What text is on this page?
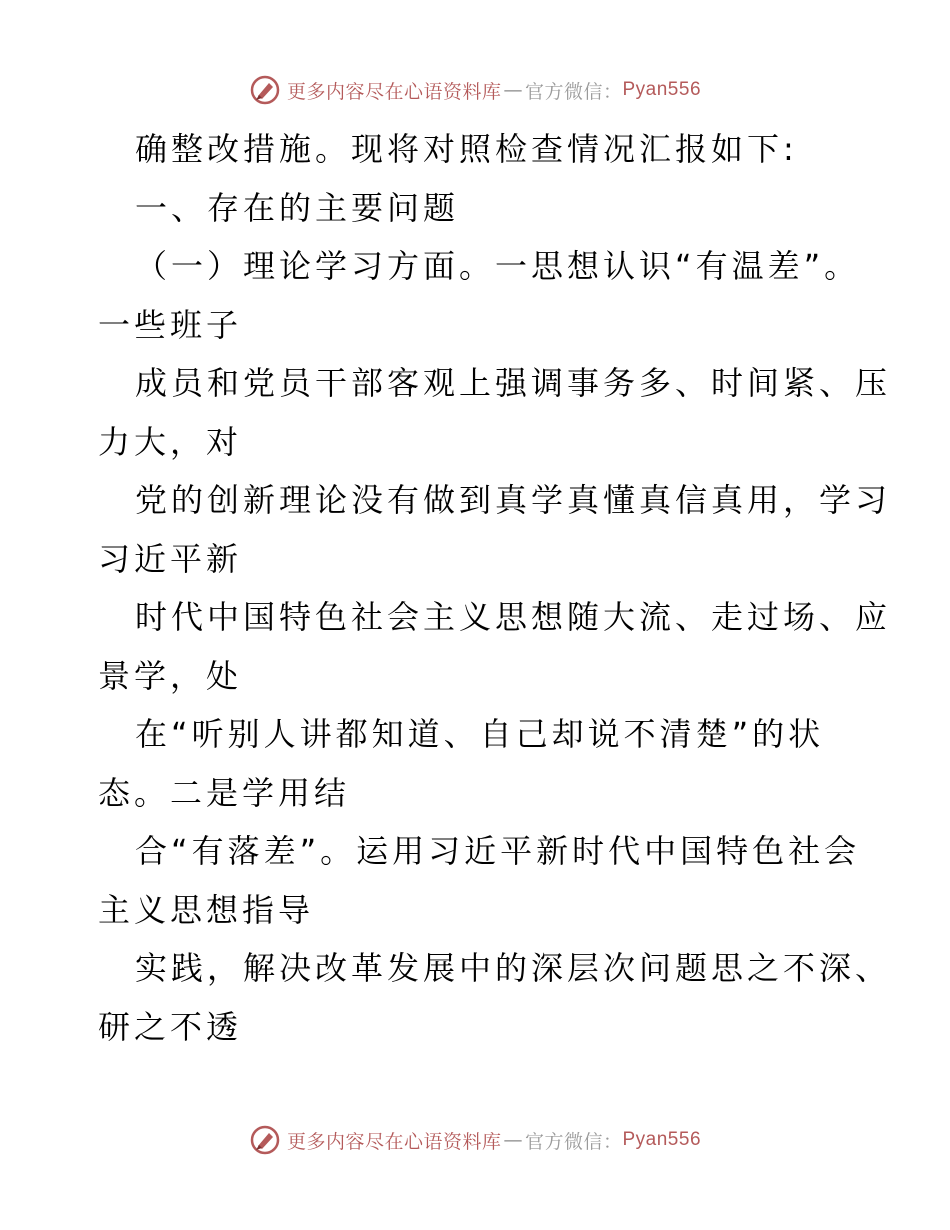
更多内容尽在心语资料库 — 官方微信： Pyan556
确整改措施。现将对照检查情况汇报如下:
一、存在的主要问题
（一）理论学习方面。一思想认识“有温差”。
一些班子
成员和党员干部客观上强调事务多、时间紧、压
力大，对
党的创新理论没有做到真学真懂真信真用，学习
习近平新
时代中国特色社会主义思想随大流、走过场、应
景学，处
在“听别人讲都知道、自己却说不清楚”的状
态。二是学用结
合“有落差”。运用习近平新时代中国特色社会
主义思想指导
实践，解决改革发展中的深层次问题思之不深、
研之不透
更多内容尽在心语资料库 — 官方微信： Pyan556
